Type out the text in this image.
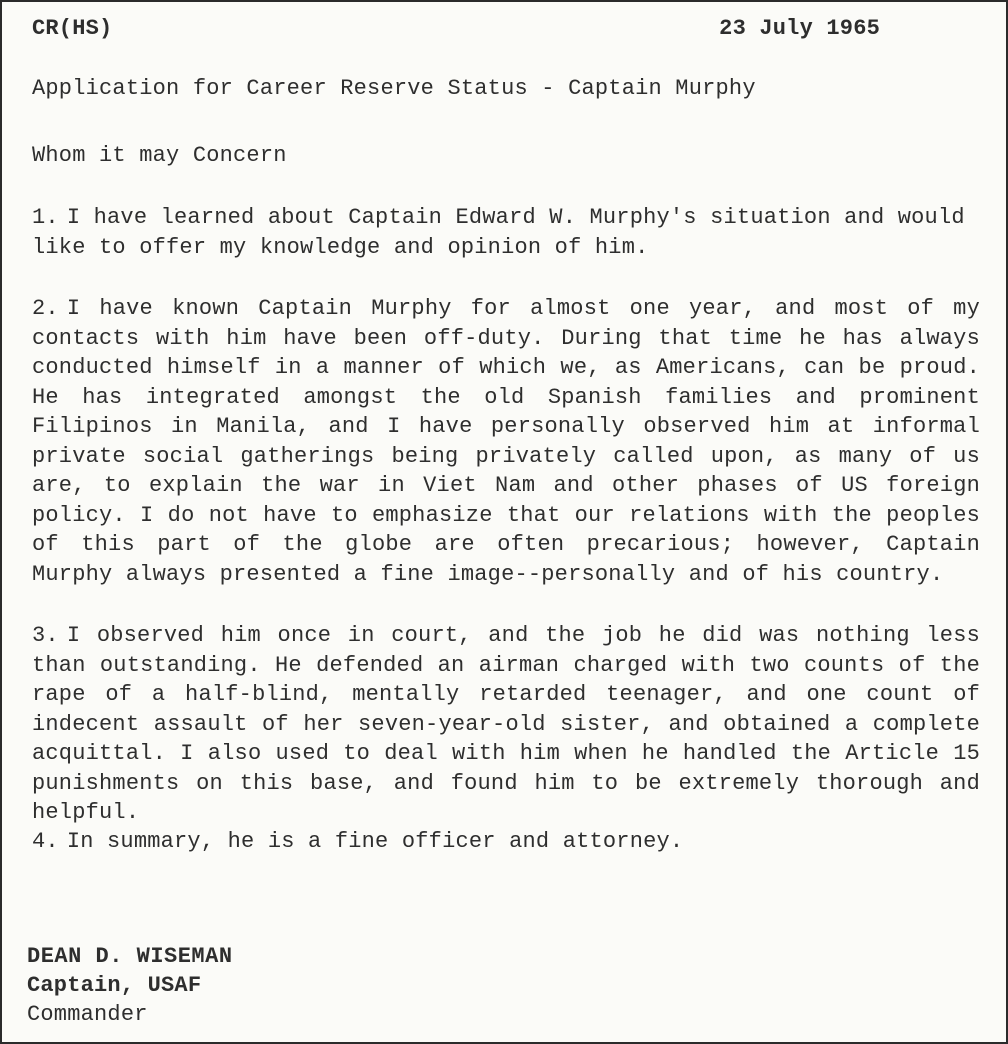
CR(HS)	23 July 1965
Application for Career Reserve Status - Captain Murphy
Whom it may Concern

1. I have learned about Captain Edward W. Murphy's situation and would like to offer my knowledge and opinion of him.

2. I have known Captain Murphy for almost one year, and most of my contacts with him have been off-duty. During that time he has always conducted himself in a manner of which we, as Americans, can be proud. He has integrated amongst the old Spanish families and prominent Filipinos in Manila, and I have personally observed him at informal private social gatherings being privately called upon, as many of us are, to explain the war in Viet Nam and other phases of US foreign policy. I do not have to emphasize that our relations with the peoples of this part of the globe are often precarious; however, Captain Murphy always presented a fine image--personally and of his country.

3. I observed him once in court, and the job he did was nothing less than outstanding. He defended an airman charged with two counts of the rape of a half-blind, mentally retarded teenager, and one count of indecent assault of her seven-year-old sister, and obtained a complete acquittal. I also used to deal with him when he handled the Article 15 punishments on this base, and found him to be extremely thorough and helpful.

4. In summary, he is a fine officer and attorney.

DEAN D. WISEMAN
Captain, USAF
Commander
